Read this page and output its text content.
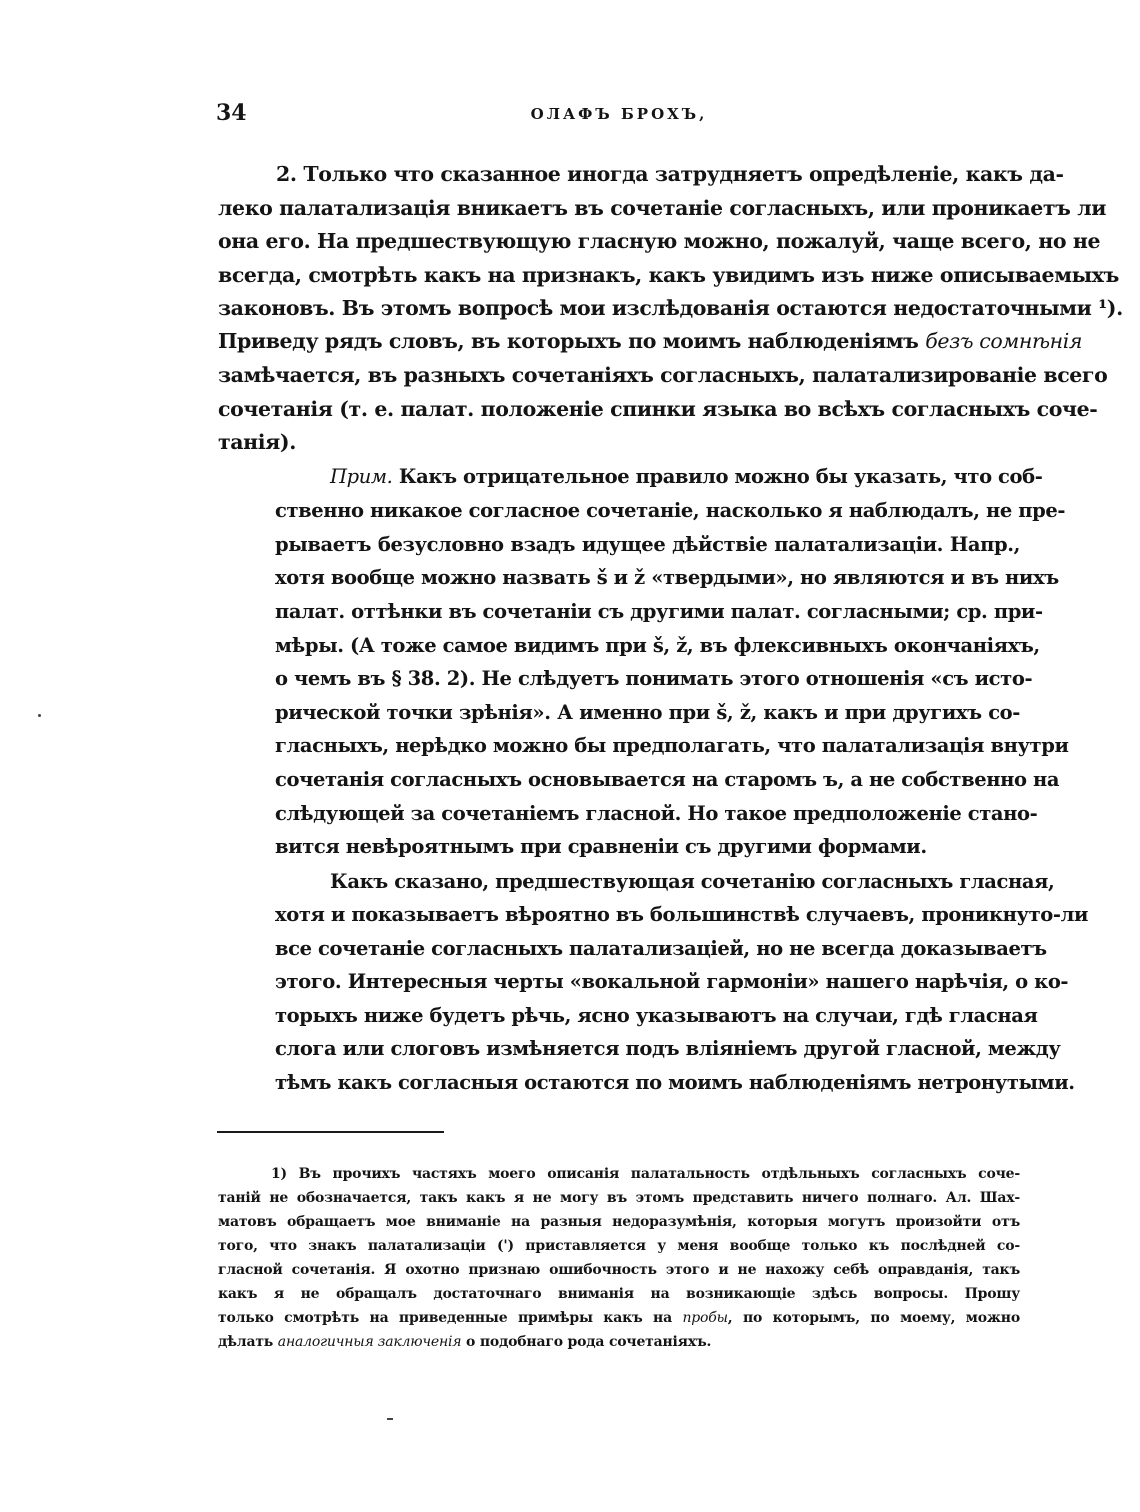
34	ОЛАФЪ БРОХЪ,
2. Только что сказанное иногда затрудняетъ опредѣленіе, какъ да-
леко палатализація вникаетъ въ сочетаніе согласныхъ, или проникаетъ ли
она его. На предшествующую гласную можно, пожалуй, чаще всего, но не
всегда, смотрѣть какъ на признакъ, какъ увидимъ изъ ниже описываемыхъ
законовъ. Въ этомъ вопросѣ мои изслѣдованія остаются недостаточными ¹).
Приведу рядъ словъ, въ которыхъ по моимъ наблюденіямъ безъ сомнѣнія
замѣчается, въ разныхъ сочетаніяхъ согласныхъ, палатализированіе всего
сочетанія (т. е. палат. положеніе спинки языка во всѣхъ согласныхъ соче-
танія).
Прим. Какъ отрицательное правило можно бы указать, что соб-
ственно никакое согласное сочетаніе, насколько я наблюдалъ, не пре-
рываетъ безусловно взадъ идущее дѣйствіе палатализаціи. Напр.,
хотя вообще можно назвать š и ž «твердыми», но являются и въ нихъ
палат. оттѣнки въ сочетаніи съ другими палат. согласными; ср. при-
мѣры. (А тоже самое видимъ при š, ž, въ флексивныхъ окончаніяхъ,
о чемъ въ § 38. 2). Не слѣдуетъ понимать этого отношенія «съ исто-
рической точки зрѣнія». А именно при š, ž, какъ и при другихъ со-
гласныхъ, нерѣдко можно бы предполагать, что палатализація внутри
сочетанія согласныхъ основывается на старомъ ъ, а не собственно на
слѣдующей за сочетаніемъ гласной. Но такое предположеніе стано-
вится невѣроятнымъ при сравненіи съ другими формами.
Какъ сказано, предшествующая сочетанію согласныхъ гласная,
хотя и показываетъ вѣроятно въ большинствѣ случаевъ, проникнуто-ли
все сочетаніе согласныхъ палатализаціей, но не всегда доказываетъ
этого. Интересныя черты «вокальной гармоніи» нашего нарѣчія, о ко-
торыхъ ниже будетъ рѣчь, ясно указываютъ на случаи, гдѣ гласная
слога или слоговъ измѣняется подъ вліяніемъ другой гласной, между
тѣмъ какъ согласныя остаются по моимъ наблюденіямъ нетронутыми.
1) Въ прочихъ частяхъ моего описанія палатальность отдѣльныхъ согласныхъ соче-
таній не обозначается, такъ какъ я не могу въ этомъ представить ничего полнаго. Ал. Шах-
матовъ обращаетъ мое вниманіе на разныя недоразумѣнія, которыя могутъ произойти отъ
того, что знакъ палатализаціи (') приставляется у меня вообще только къ послѣдней со-
гласной сочетанія. Я охотно признаю ошибочность этого и не нахожу себѣ оправданія, такъ
какъ я не обращалъ достаточнаго вниманія на возникающіе здѣсь вопросы. Прошу
только смотрѣть на приведенные примѣры какъ на пробы, по которымъ, по моему, можно
дѣлать аналогичныя заключенія о подобнаго рода сочетаніяхъ.
